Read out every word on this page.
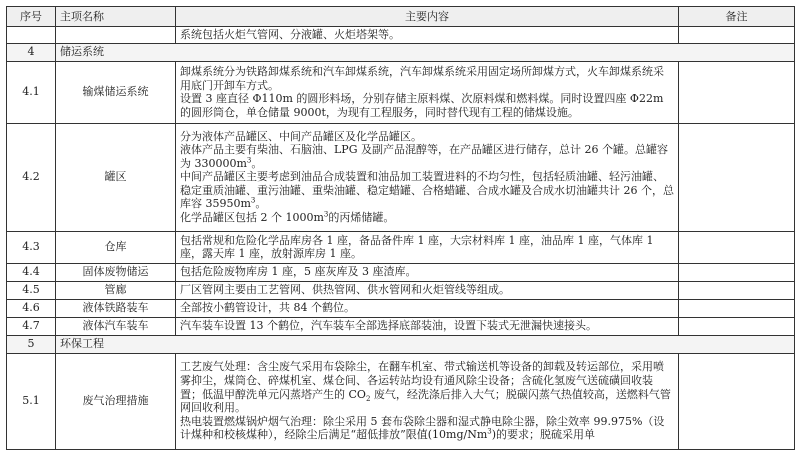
序号	主项名称	主要内容	备注
		系统包括火炬气管网、分液罐、火炬塔架等。	
4	储运系统		
4.1	输煤储运系统	卸煤系统分为铁路卸煤系统和汽车卸煤系统，汽车卸煤系统采用固定场所卸煤方式，火车卸煤系统采用底门开卸车方式。
设置 3 座直径 Φ110m 的圆形料场，分别存储主原料煤、次原料煤和燃料煤。同时设置四座 Φ22m 的圆形筒仓，单仓储量 9000t，为现有工程服务，同时替代现有工程的储煤设施。	

4.2	罐区	分为液体产品罐区、中间产品罐区及化学品罐区。
液体产品主要有柴油、石脑油、LPG 及副产品混醇等，在产品罐区进行储存，总计 26 个罐。总罐容为 $330000m^3$。
中间产品罐区主要考虑到油品合成装置和油品加工装置进料的不均匀性，包括轻质油罐、轻污油罐、稳定重质油罐、重污油罐、重柴油罐、稳定蜡罐、合格蜡罐、合成水罐及合成水切油罐共计 26 个，总库容 $35950m^3$。
化学品罐区包括 2 个 $1000m^3$的丙烯储罐。	

4.3	仓库	包括常规和危险化学品库房各 1 座，备品备件库 1 座，大宗材料库 1 座，油品库 1 座，气体库 1 座，露天库 1 座，放射源库房 1 座。	
4.4	固体废物储运	包括危险废物库房 1 座，5 座灰库及 3 座渣库。	
4.5	管廊	厂区管网主要由工艺管网、供热管网、供水管网和火炬管线等组成。	
4.6	液体铁路装车	全部按小鹤管设计，共 84 个鹤位。	
4.7	液体汽车装车	汽车装车设置 13 个鹤位，汽车装车全部选择底部装油，设置下装式无泄漏快速接头。	
5	环保工程		
5.1	废气治理措施	工艺废气处理：含尘废气采用布袋除尘，在翻车机室、带式输送机等设备的卸载及转运部位，采用喷雾抑尘，煤筒仓、碎煤机室、煤仓间、各运转站均设有通风除尘设备；含硫化氢废气送硫磺回收装置；低温甲醇洗单元闪蒸塔产生的 $CO_2$ 废气，经洗涤后排入大气；脱碳闪蒸气热值较高，送燃料气管网回收利用。
热电装置燃煤锅炉烟气治理：除尘采用 5 套布袋除尘器和湿式静电除尘器，除尘效率 99.975%（设计煤种和校核煤种），经除尘后满足“超低排放”限值(10mg/Nm$^3$)的要求；脱硫采用单	
